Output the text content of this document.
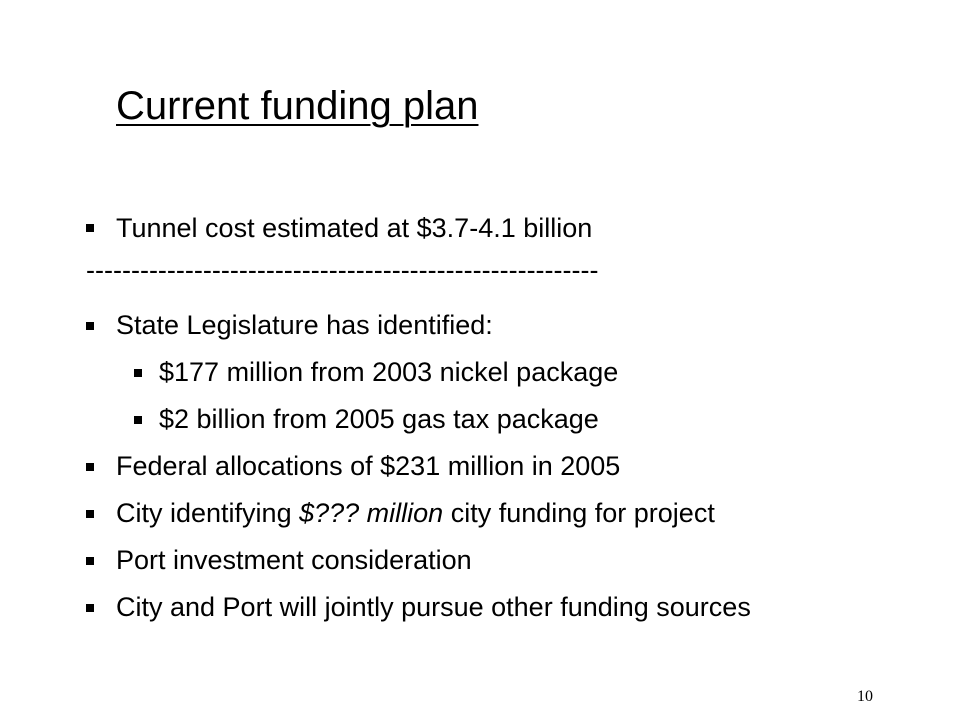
Current funding plan
Tunnel cost estimated at $3.7-4.1 billion
---------------------------------------------------------
State Legislature has identified:
$177 million from 2003 nickel package
$2 billion from 2005 gas tax package
Federal allocations of $231 million in 2005
City identifying $??? million city funding for project
Port investment consideration
City and Port will jointly pursue other funding sources
10
